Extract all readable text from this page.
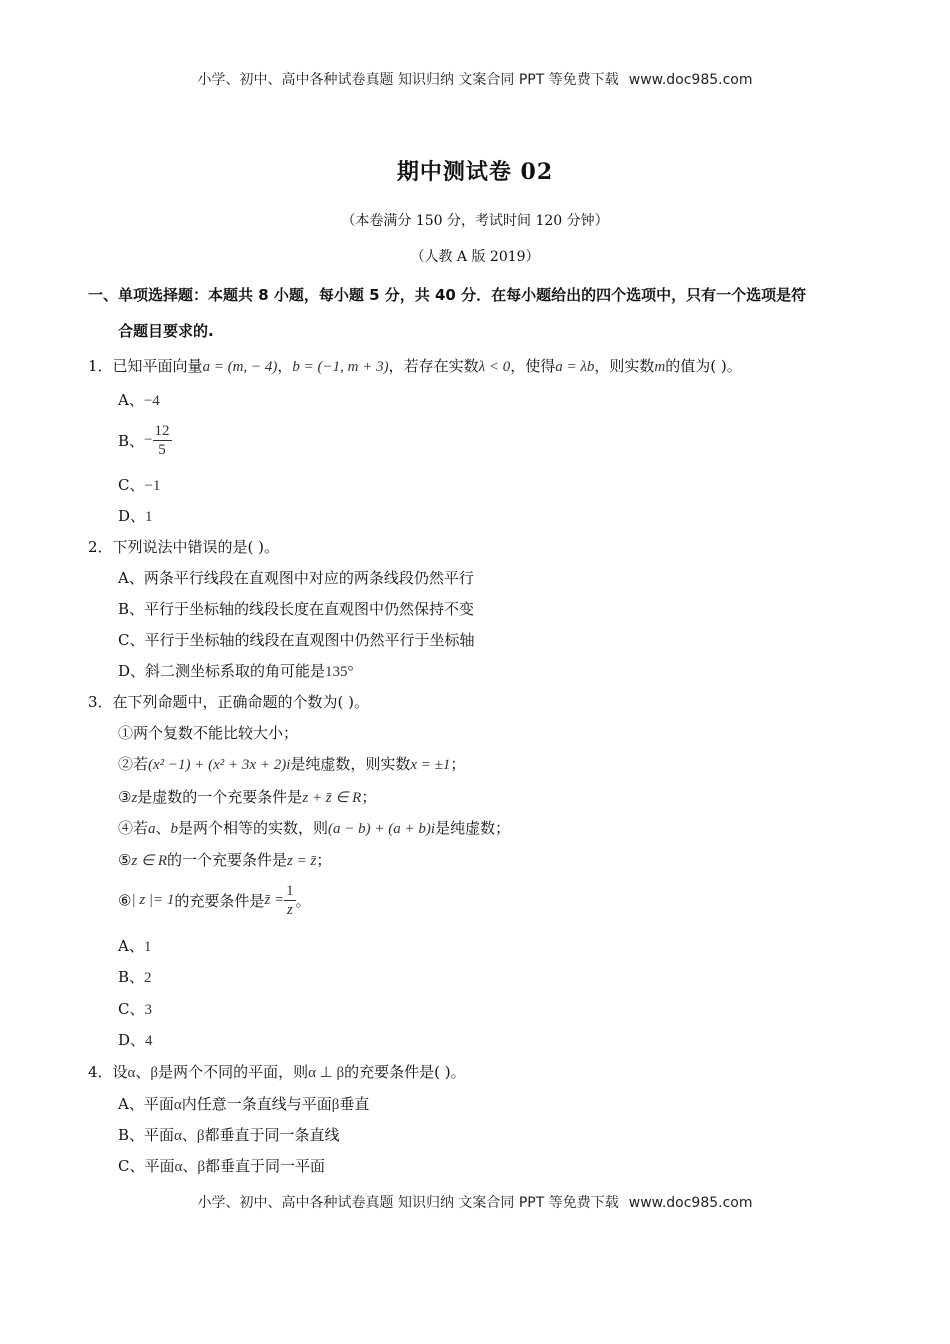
小学、初中、高中各种试卷真题 知识归纳 文案合同 PPT 等免费下载 www.doc985.com
期中测试卷 02
（本卷满分 150 分，考试时间 120 分钟）
（人教 A 版 2019）
一、单项选择题：本题共 8 小题，每小题 5 分，共 40 分．在每小题给出的四个选项中，只有一个选项是符
合题目要求的.
1．已知平面向量a = (m, − 4)，b = (−1, m + 3)，若存在实数λ < 0，使得a = λb，则实数m的值为( )。
A、−4
B、− $\frac{12}{5}$
C、−1
D、1
2．下列说法中错误的是( )。
A、两条平行线段在直观图中对应的两条线段仍然平行
B、平行于坐标轴的线段长度在直观图中仍然保持不变
C、平行于坐标轴的线段在直观图中仍然平行于坐标轴
D、斜二测坐标系取的角可能是135°
3．在下列命题中，正确命题的个数为( )。
①两个复数不能比较大小；
②若(x² −1) + (x² + 3x + 2)i是纯虚数，则实数x = ±1；
③z是虚数的一个充要条件是z + z̄ ∈ R；
④若a、b是两个相等的实数，则(a − b) + (a + b)i是纯虚数；
⑤z ∈ R的一个充要条件是z = z̄；
⑥| z |= 1的充要条件是z̄ = $\frac{1}{z}$ 。
A、1
B、2
C、3
D、4
4．设α、β是两个不同的平面，则α ⊥ β的充要条件是( )。
A、平面α内任意一条直线与平面β垂直
B、平面α、β都垂直于同一条直线
C、平面α、β都垂直于同一平面
小学、初中、高中各种试卷真题 知识归纳 文案合同 PPT 等免费下载 www.doc985.com
